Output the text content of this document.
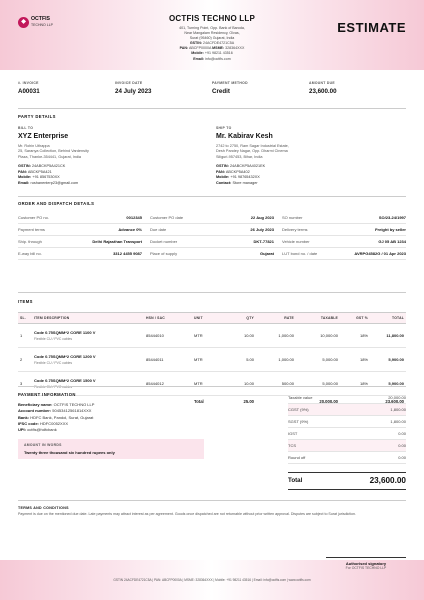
◆ OCTFIS
TECHNO LLP
OCTFIS TECHNO LLP
401, Turning Point, Opp. Bank of Baroda,
Near Mangalam Residency, Olvas,
Surat (95460) Gujarat, India
GSTIN: 24ACFDE4721C5A
PAN: ABCFP0000A MSME: 328364XXX
Mobile: +91 98211 43516
Email: info@octfis.com
ESTIMATE
#. INVOICE
A00031
INVOICE DATE
24 July 2023
PAYMENT METHOD
Credit
AMOUNT DUE
23,600.00
PARTY DETAILS
BILL TO
XYZ Enterprise
Mr. Rohin Uthappa
25, Saranya Collection, Behind Vardensity
Plaza, Thanke-354441, Gujarat, India
GSTIN: 24ABCKP5A421CK
PAN: ABCKP5A421
Mobile: +91 8567530XX
Email: rushanenterp23@gmail.com
SHIP TO
Mr. Kabirav Kesh
2742 to 2750, Ram Sagar Industrial Estate,
Desh Pandey Nagar, Opp. Dharmi Cinema
Siliguri-957453, Bihar, India
GSTIN: 24ABCKP5A4021EK
PAN: ABCKP5A402
Mobile: +91 98765432XX
Contact: Store manager
ORDER AND DISPATCH DETAILS
Customer PO no.	0012345 Customer PO date	22 Aug 2023 SO number	SO/23-24/1997
Payment terms	Advance 0% Due date	26 July 2023 Delivery terms	Freight by seller
Ship. through	Delhi Rajasthan Transport Docket number	DKT-77821 Vehicle number	GJ 05 AB 1234
E-way bill no.	3312 4455 9087 Place of supply	Gujarat LUT bond no. / date	AVRPG4582G / 01 Apr 2023
ITEMS
SL.	ITEM DESCRIPTION	HSN / SAC	UNIT	QTY	RATE	TAXABLE	GST %	TOTAL
1
Code 0.75SQMM*2 CORE 1100 V
Flexible CU / PVC cables
85444010	MTR	10.00	1,000.00	10,000.00	18%	11,800.00
2
Code 0.75SQMM*2 CORE 1200 V
Flexible CU / PVC cables
85444011	MTR	5.00	1,000.00	5,000.00	18%	5,900.00
3
Code 0.75SQMM*2 CORE 1500 V
Flexible CU / PVC cables
85444012	MTR	10.00	500.00	5,000.00	18%	5,900.00
Total	25.00	20,000.00	23,600.00
PAYMENT INFORMATION
Beneficiary name: OCTFIS TECHNO LLP
Account number: 50453412561814XXX
Bank: HDFC Bank, Pandol, Surat, Gujarat
IFSC code: HDFC0052XXX
UPI: octfis@hdfcbank
AMOUNT IN WORDS
Twenty three thousand six hundred rupees only
Taxable value	20,000.00
CGST (9%)	1,800.00
SGST (9%)	1,800.00
IGST	0.00
TCS	0.00
Round off	0.00
Total	23,600.00
TERMS AND CONDITIONS
Payment is due on the mentioned due date. Late payments may attract interest as per agreement. Goods once dispatched are not returnable without prior written approval. Disputes are subject to Surat jurisdiction.
Authorised signatory
For OCTFIS TECHNO LLP
GSTIN 24ACFDE4721C5A | PAN: ABCFP0000A | MSME: 328364XXX | Mobile: +91 98211 43516 | Email: info@octfis.com | www.octfis.com
